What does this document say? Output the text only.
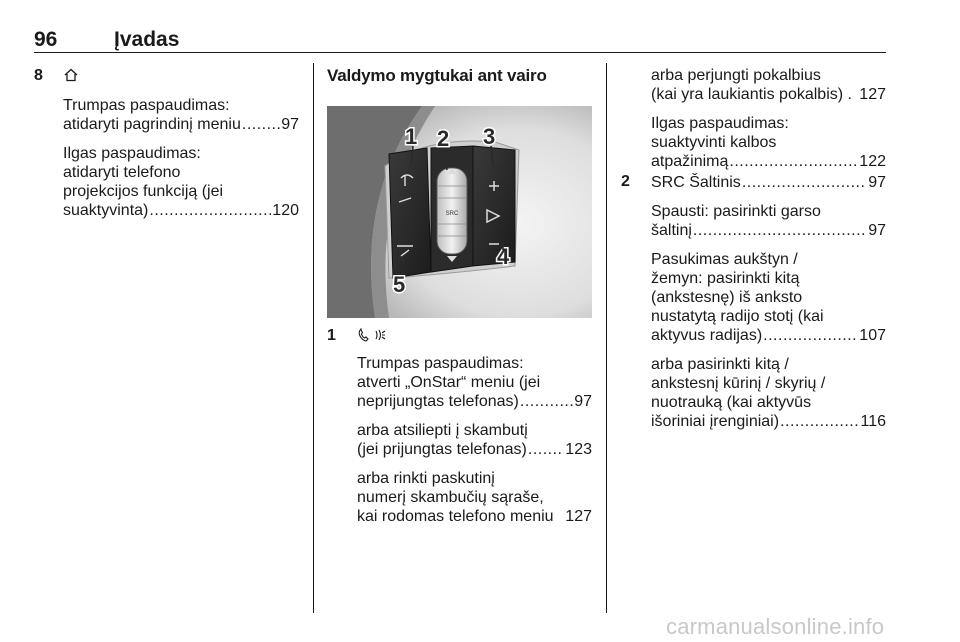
96	Įvadas
8
Trumpas paspaudimas:
atidaryti pagrindinį meniu .....	97
Ilgas paspaudimas:
atidaryti telefono
projekcijos funkciją (jei
suaktyvinta) .....	120
Valdymo mygtukai ant vairo
SRC
1 2 3
4
5
1
Trumpas paspaudimas:
atverti „OnStar“ meniu (jei
neprijungtas telefonas) .....	97
arba atsiliepti į skambutį
(jei prijungtas telefonas) ..... 123
arba rinkti paskutinį
numerį skambučių sąraše,
kai rodomas telefono meniu 127
arba perjungti pokalbius
(kai yra laukiantis pokalbis) . 127
Ilgas paspaudimas:
suaktyvinti kalbos
atpažinimą .....	122
2 SRC Šaltinis .....	97
Spausti: pasirinkti garso
šaltinį .....	97
Pasukimas aukštyn /
žemyn: pasirinkti kitą
(ankstesnę) iš anksto
nustatytą radijo stotį (kai
aktyvus radijas) .....	107
arba pasirinkti kitą /
ankstesnį kūrinį / skyrių /
nuotrauką (kai aktyvūs
išoriniai įrenginiai) .....	116
carmanualsonline.info
